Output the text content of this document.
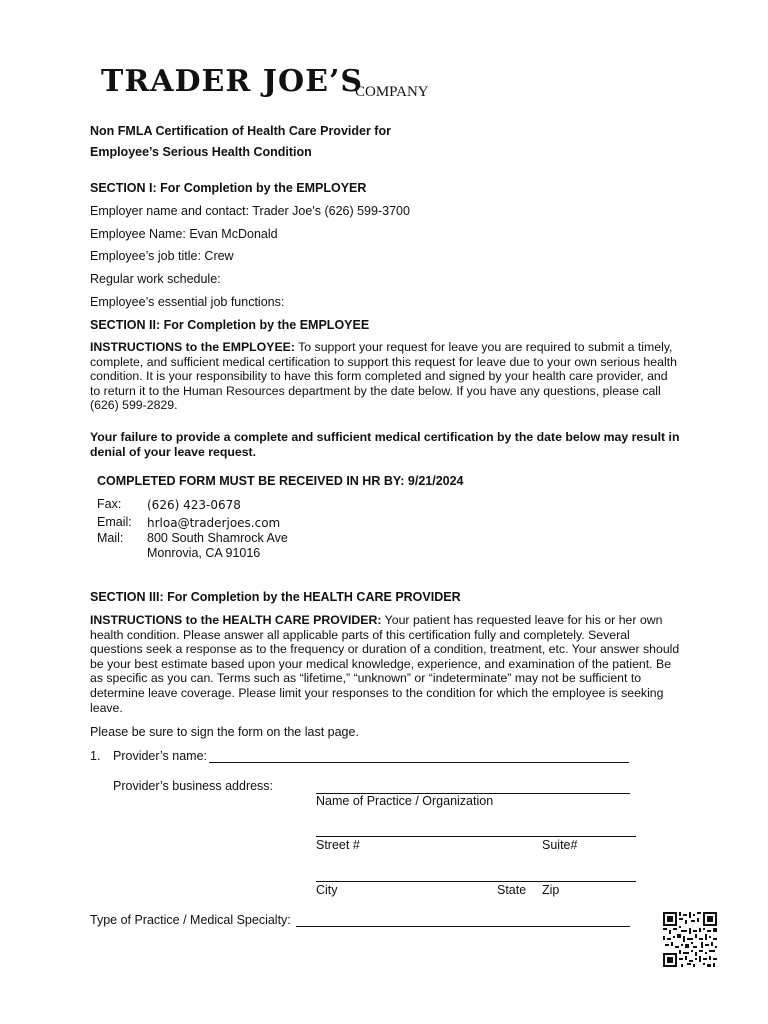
TRADER JOE’S
COMPANY
Non FMLA Certification of Health Care Provider for
Employee’s Serious Health Condition
SECTION I: For Completion by the EMPLOYER
Employer name and contact: Trader Joe's (626) 599-3700
Employee Name: Evan McDonald
Employee’s job title: Crew
Regular work schedule:
Employee’s essential job functions:
SECTION II: For Completion by the EMPLOYEE
INSTRUCTIONS to the EMPLOYEE: To support your request for leave you are required to submit a timely, complete, and sufficient medical certification to support this request for leave due to your own serious health condition. It is your responsibility to have this form completed and signed by your health care provider, and to return it to the Human Resources department by the date below. If you have any questions, please call (626) 599-2829.
Your failure to provide a complete and sufficient medical certification by the date below may result in denial of your leave request.
COMPLETED FORM MUST BE RECEIVED IN HR BY: 9/21/2024
Fax: (626) 423-0678
Email: hrloa@traderjoes.com
Mail: 800 South Shamrock Ave
Monrovia, CA 91016
SECTION III: For Completion by the HEALTH CARE PROVIDER
INSTRUCTIONS to the HEALTH CARE PROVIDER: Your patient has requested leave for his or her own health condition. Please answer all applicable parts of this certification fully and completely. Several questions seek a response as to the frequency or duration of a condition, treatment, etc. Your answer should be your best estimate based upon your medical knowledge, experience, and examination of the patient. Be as specific as you can. Terms such as “lifetime,” “unknown” or “indeterminate” may not be sufficient to determine leave coverage. Please limit your responses to the condition for which the employee is seeking leave.
Please be sure to sign the form on the last page.
1. Provider’s name:
Provider’s business address:
Name of Practice / Organization
Street #	Suite#
City	State Zip
Type of Practice / Medical Specialty:
